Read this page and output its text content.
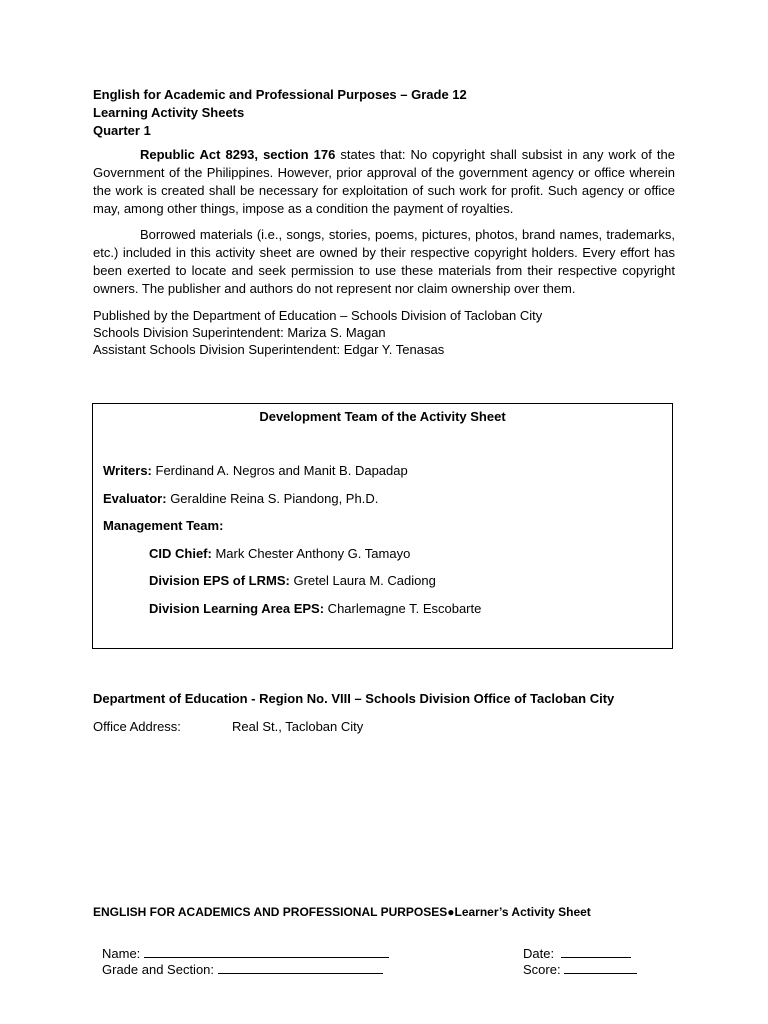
English for Academic and Professional Purposes – Grade 12

Learning Activity Sheets

Quarter 1

Republic Act 8293, section 176 states that: No copyright shall subsist in any work of the Government of the Philippines. However, prior approval of the government agency or office wherein the work is created shall be necessary for exploitation of such work for profit. Such agency or office may, among other things, impose as a condition the payment of royalties.

Borrowed materials (i.e., songs, stories, poems, pictures, photos, brand names, trademarks, etc.) included in this activity sheet are owned by their respective copyright holders. Every effort has been exerted to locate and seek permission to use these materials from their respective copyright owners. The publisher and authors do not represent nor claim ownership over them.

Published by the Department of Education – Schools Division of Tacloban City

Schools Division Superintendent: Mariza S. Magan

Assistant Schools Division Superintendent: Edgar Y. Tenasas

Development Team of the Activity Sheet
Writers: Ferdinand A. Negros and Manit B. Dapadap
Evaluator: Geraldine Reina S. Piandong, Ph.D.
Management Team:
CID Chief: Mark Chester Anthony G. Tamayo
Division EPS of LRMS: Gretel Laura M. Cadiong
Division Learning Area EPS: Charlemagne T. Escobarte
Department of Education - Region No. VIII – Schools Division Office of Tacloban City
Office Address:	Real St., Tacloban City
ENGLISH FOR ACADEMICS AND PROFESSIONAL PURPOSES●Learner’s Activity Sheet
Name:	Date:
Grade and Section:	Score:
